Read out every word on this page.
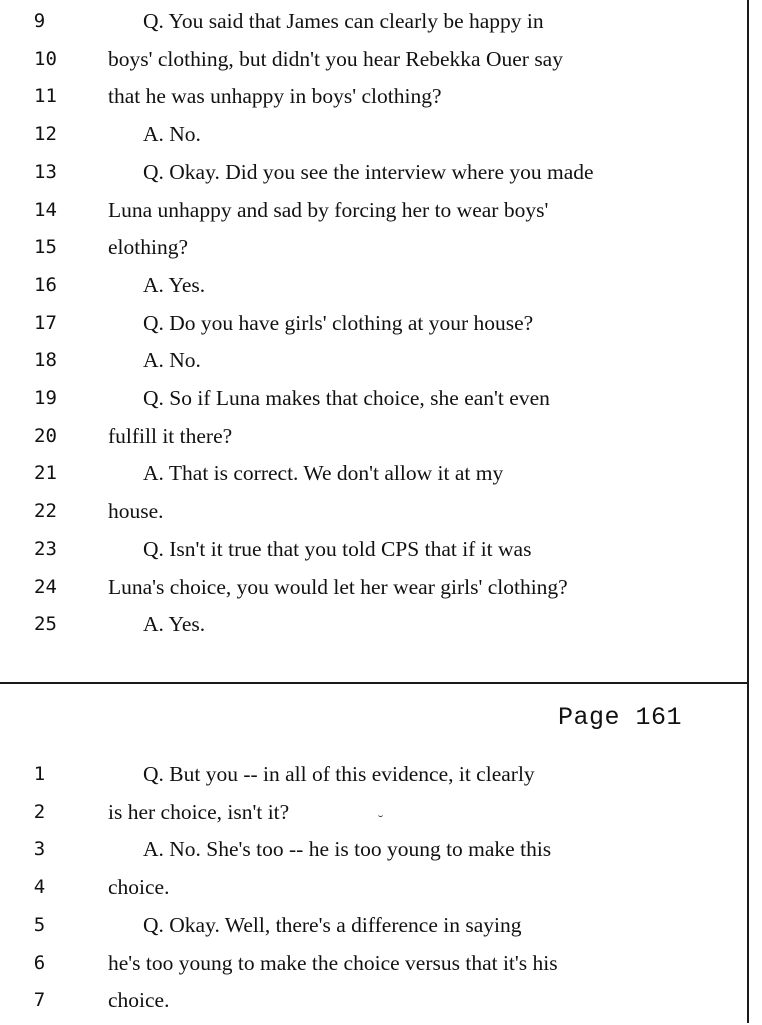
9	Q. You said that James can clearly be happy in
10	boys' clothing, but didn't you hear Rebekka Ouer say
11	that he was unhappy in boys' clothing?
12	A. No.
13	Q. Okay. Did you see the interview where you made
14	Luna unhappy and sad by forcing her to wear boys'
15	elothing?
16	A. Yes.
17	Q. Do you have girls' clothing at your house?
18	A. No.
19	Q. So if Luna makes that choice, she ean't even
20	fulfill it there?
21	A. That is correct. We don't allow it at my
22	house.
23	Q. Isn't it true that you told CPS that if it was
24	Luna's choice, you would let her wear girls' clothing?
25	A. Yes.
Page 161
1	Q. But you -- in all of this evidence, it clearly
2	is her choice, isn't it?
3	A. No. She's too -- he is too young to make this
4	choice.
5	Q. Okay. Well, there's a difference in saying
6	he's too young to make the choice versus that it's his
7	choice.
